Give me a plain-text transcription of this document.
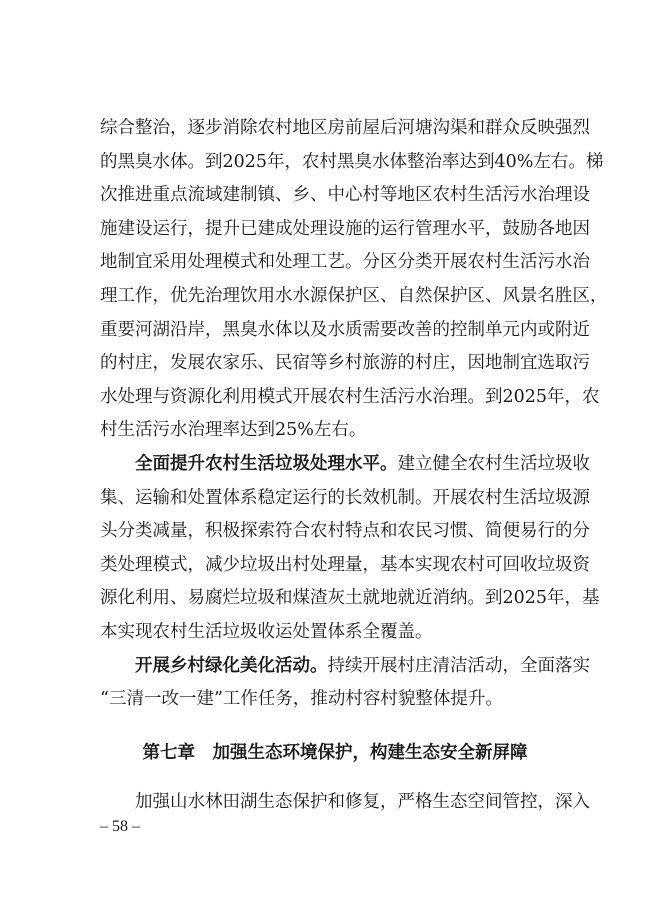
综合整治，逐步消除农村地区房前屋后河塘沟渠和群众反映强烈
的黑臭水体。到2025年，农村黑臭水体整治率达到40%左右。梯
次推进重点流域建制镇、乡、中心村等地区农村生活污水治理设
施建设运行，提升已建成处理设施的运行管理水平，鼓励各地因
地制宜采用处理模式和处理工艺。分区分类开展农村生活污水治
理工作，优先治理饮用水水源保护区、自然保护区、风景名胜区，
重要河湖沿岸，黑臭水体以及水质需要改善的控制单元内或附近
的村庄，发展农家乐、民宿等乡村旅游的村庄，因地制宜选取污
水处理与资源化利用模式开展农村生活污水治理。到2025年，农
村生活污水治理率达到25%左右。
全面提升农村生活垃圾处理水平。建立健全农村生活垃圾收
集、运输和处置体系稳定运行的长效机制。开展农村生活垃圾源
头分类减量，积极探索符合农村特点和农民习惯、简便易行的分
类处理模式，减少垃圾出村处理量，基本实现农村可回收垃圾资
源化利用、易腐烂垃圾和煤渣灰土就地就近消纳。到2025年，基
本实现农村生活垃圾收运处置体系全覆盖。
开展乡村绿化美化活动。持续开展村庄清洁活动，全面落实
“三清一改一建”工作任务，推动村容村貌整体提升。
第七章　加强生态环境保护，构建生态安全新屏障
加强山水林田湖生态保护和修复，严格生态空间管控，深入
– 58 –
